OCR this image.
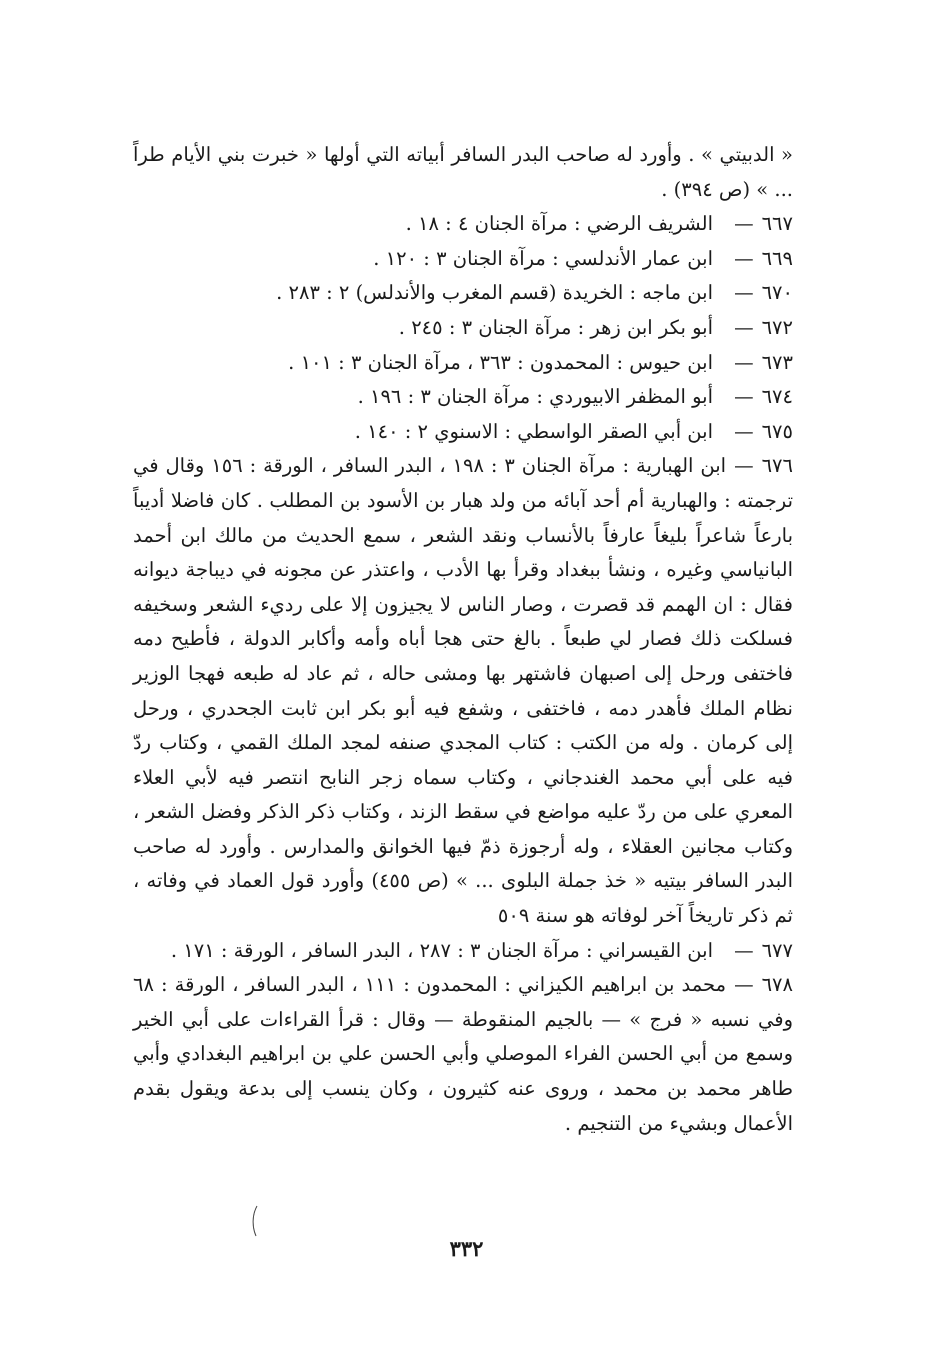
« الدبيتي » . وأورد له صاحب البدر السافر أبياته التي أولها « خبرت بني الأيام طراً ... » (ص ٣٩٤) .

٦٦٧
—
الشريف الرضي : مرآة الجنان ٤ : ١٨ .
٦٦٩
—
ابن عمار الأندلسي : مرآة الجنان ٣ : ١٢٠ .
٦٧٠
—
ابن ماجه : الخريدة (قسم المغرب والأندلس) ٢ : ٢٨٣ .
٦٧٢
—
أبو بكر ابن زهر : مرآة الجنان ٣ : ٢٤٥ .
٦٧٣
—
ابن حيوس : المحمدون : ٣٦٣ ، مرآة الجنان ٣ : ١٠١ .
٦٧٤
—
أبو المظفر الابيوردي : مرآة الجنان ٣ : ١٩٦ .
٦٧٥
—
ابن أبي الصقر الواسطي : الاسنوي ٢ : ١٤٠ .

٦٧٦
—
ابن الهبارية : مرآة الجنان ٣ : ١٩٨ ، البدر السافر ، الورقة : ١٥٦ وقال في ترجمته : والهبارية أم أحد آبائه من ولد هبار بن الأسود بن المطلب . كان فاضلا أديباً بارعاً شاعراً بليغاً عارفاً بالأنساب ونقد الشعر ، سمع الحديث من مالك ابن أحمد البانياسي وغيره ، ونشأ ببغداد وقرأ بها الأدب ، واعتذر عن مجونه في ديباجة ديوانه فقال : ان الهمم قد قصرت ، وصار الناس لا يجيزون إلا على رديء الشعر وسخيفه فسلكت ذلك فصار لي طبعاً . بالغ حتى هجا أباه وأمه وأكابر الدولة ، فأطيح دمه فاختفى ورحل إلى اصبهان فاشتهر بها ومشى حاله ، ثم عاد له طبعه فهجا الوزير نظام الملك فأهدر دمه ، فاختفى ، وشفع فيه أبو بكر ابن ثابت الجحدري ، ورحل إلى كرمان . وله من الكتب : كتاب المجدي صنفه لمجد الملك القمي ، وكتاب ردّ فيه على أبي محمد الغندجاني ، وكتاب سماه زجر النابح انتصر فيه لأبي العلاء المعري على من ردّ عليه مواضع في سقط الزند ، وكتاب ذكر الذكر وفضل الشعر ، وكتاب مجانين العقلاء ، وله أرجوزة ذمّ فيها الخوانق والمدارس . وأورد له صاحب البدر السافر بيتيه « خذ جملة البلوى ... » (ص ٤٥٥) وأورد قول العماد في وفاته ، ثم ذكر تاريخاً آخر لوفاته هو سنة ٥٠٩

٦٧٧
—
ابن القيسراني : مرآة الجنان ٣ : ٢٨٧ ، البدر السافر ، الورقة : ١٧١ .

٦٧٨
—
محمد بن ابراهيم الكيزاني : المحمدون : ١١١ ، البدر السافر ، الورقة : ٦٨ وفي نسبه « فرج » — بالجيم المنقوطة — وقال : قرأ القراءات على أبي الخير وسمع من أبي الحسن الفراء الموصلي وأبي الحسن علي بن ابراهيم البغدادي وأبي طاهر محمد بن محمد ، وروى عنه كثيرون ، وكان ينسب إلى بدعة ويقول بقدم الأعمال وبشيء من التنجيم .

٣٣٢
